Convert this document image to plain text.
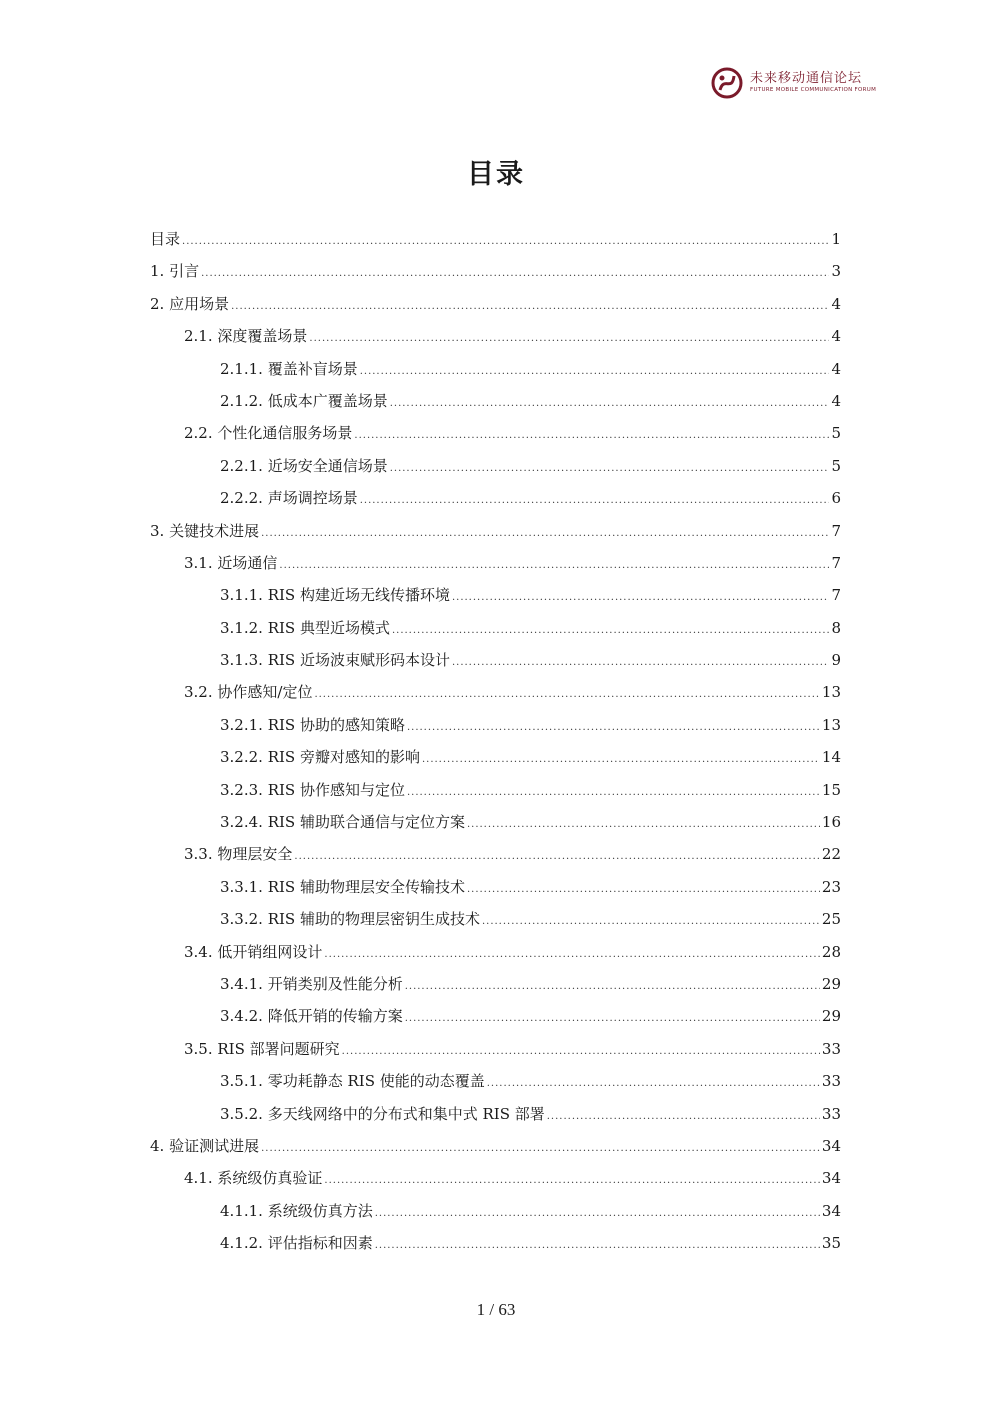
未来移动通信论坛
FUTURE MOBILE COMMUNICATION FORUM
目录
目录 .....	1
1. 引言 .....	3
2. 应用场景 .....	4
2.1. 深度覆盖场景 .....	4
2.1.1. 覆盖补盲场景 .....	4
2.1.2. 低成本广覆盖场景 .....	4
2.2. 个性化通信服务场景 .....	5
2.2.1. 近场安全通信场景 .....	5
2.2.2. 声场调控场景 .....	6
3. 关键技术进展 .....	7
3.1. 近场通信 .....	7
3.1.1. RIS 构建近场无线传播环境 .....	7
3.1.2. RIS 典型近场模式 .....	8
3.1.3. RIS 近场波束赋形码本设计 .....	9
3.2. 协作感知/定位 .....	13
3.2.1. RIS 协助的感知策略 .....	13
3.2.2. RIS 旁瓣对感知的影响 .....	14
3.2.3. RIS 协作感知与定位 .....	15
3.2.4. RIS 辅助联合通信与定位方案 .....	16
3.3. 物理层安全 .....	22
3.3.1. RIS 辅助物理层安全传输技术 .....	23
3.3.2. RIS 辅助的物理层密钥生成技术 .....	25
3.4. 低开销组网设计 .....	28
3.4.1. 开销类别及性能分析 .....	29
3.4.2. 降低开销的传输方案 .....	29
3.5. RIS 部署问题研究 .....	33
3.5.1. 零功耗静态 RIS 使能的动态覆盖 .....	33
3.5.2. 多天线网络中的分布式和集中式 RIS 部署 .....	33
4. 验证测试进展 .....	34
4.1. 系统级仿真验证 .....	34
4.1.1. 系统级仿真方法 .....	34
4.1.2. 评估指标和因素 .....	35
1 / 63
